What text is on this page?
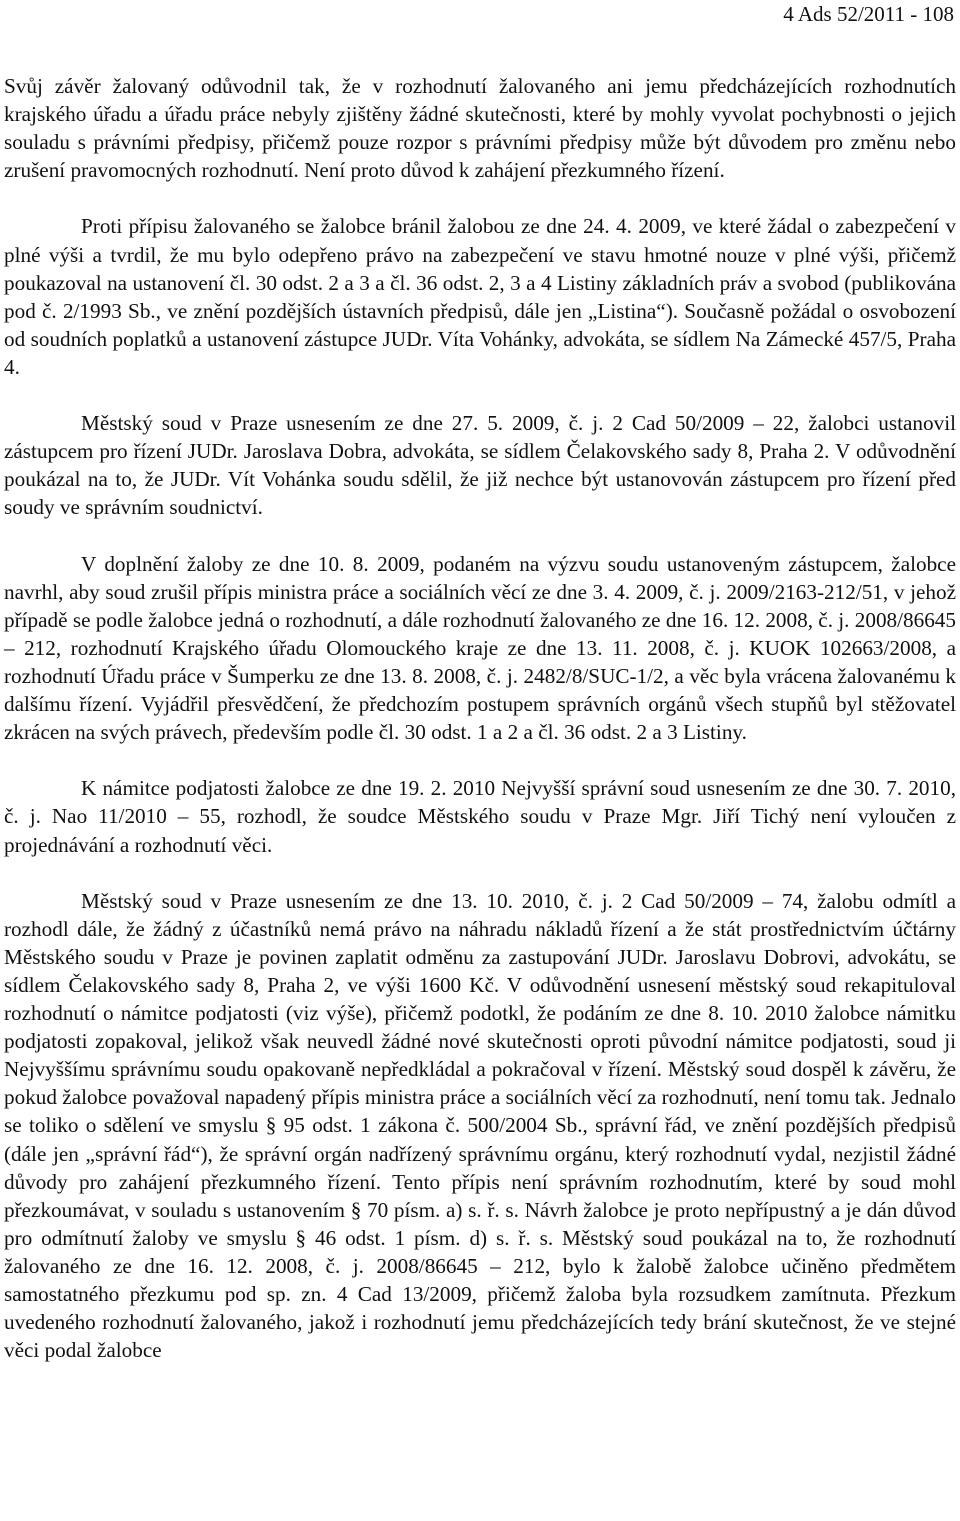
4 Ads 52/2011 - 108

Svůj závěr žalovaný odůvodnil tak, že v rozhodnutí žalovaného ani jemu předcházejících rozhodnutích krajského úřadu a úřadu práce nebyly zjištěny žádné skutečnosti, které by mohly vyvolat pochybnosti o jejich souladu s právními předpisy, přičemž pouze rozpor s právními předpisy může být důvodem pro změnu nebo zrušení pravomocných rozhodnutí. Není proto důvod k zahájení přezkumného řízení.

Proti přípisu žalovaného se žalobce bránil žalobou ze dne 24. 4. 2009, ve které žádal o zabezpečení v plné výši a tvrdil, že mu bylo odepřeno právo na zabezpečení ve stavu hmotné nouze v plné výši, přičemž poukazoval na ustanovení čl. 30 odst. 2 a 3 a čl. 36 odst. 2, 3 a 4 Listiny základních práv a svobod (publikována pod č. 2/1993 Sb., ve znění pozdějších ústavních předpisů, dále jen „Listina“). Současně požádal o osvobození od soudních poplatků a ustanovení zástupce JUDr. Víta Vohánky, advokáta, se sídlem Na Zámecké 457/5, Praha 4.

Městský soud v Praze usnesením ze dne 27. 5. 2009, č. j. 2 Cad 50/2009 – 22, žalobci ustanovil zástupcem pro řízení JUDr. Jaroslava Dobra, advokáta, se sídlem Čelakovského sady 8, Praha 2. V odůvodnění poukázal na to, že JUDr. Vít Vohánka soudu sdělil, že již nechce být ustanovován zástupcem pro řízení před soudy ve správním soudnictví.

V doplnění žaloby ze dne 10. 8. 2009, podaném na výzvu soudu ustanoveným zástupcem, žalobce navrhl, aby soud zrušil přípis ministra práce a sociálních věcí ze dne 3. 4. 2009, č. j. 2009/2163-212/51, v jehož případě se podle žalobce jedná o rozhodnutí, a dále rozhodnutí žalovaného ze dne 16. 12. 2008, č. j. 2008/86645 – 212, rozhodnutí Krajského úřadu Olomouckého kraje ze dne 13. 11. 2008, č. j. KUOK 102663/2008, a rozhodnutí Úřadu práce v Šumperku ze dne 13. 8. 2008, č. j. 2482/8/SUC-1/2, a věc byla vrácena žalovanému k dalšímu řízení. Vyjádřil přesvědčení, že předchozím postupem správních orgánů všech stupňů byl stěžovatel zkrácen na svých právech, především podle čl. 30 odst. 1 a 2 a čl. 36 odst. 2 a 3 Listiny.

K námitce podjatosti žalobce ze dne 19. 2. 2010 Nejvyšší správní soud usnesením ze dne 30. 7. 2010, č. j. Nao 11/2010 – 55, rozhodl, že soudce Městského soudu v Praze Mgr. Jiří Tichý není vyloučen z projednávání a rozhodnutí věci.

Městský soud v Praze usnesením ze dne 13. 10. 2010, č. j. 2 Cad 50/2009 – 74, žalobu odmítl a rozhodl dále, že žádný z účastníků nemá právo na náhradu nákladů řízení a že stát prostřednictvím účtárny Městského soudu v Praze je povinen zaplatit odměnu za zastupování JUDr. Jaroslavu Dobrovi, advokátu, se sídlem Čelakovského sady 8, Praha 2, ve výši 1600 Kč. V odůvodnění usnesení městský soud rekapituloval rozhodnutí o námitce podjatosti (viz výše), přičemž podotkl, že podáním ze dne 8. 10. 2010 žalobce námitku podjatosti zopakoval, jelikož však neuvedl žádné nové skutečnosti oproti původní námitce podjatosti, soud ji Nejvyššímu správnímu soudu opakovaně nepředkládal a pokračoval v řízení. Městský soud dospěl k závěru, že pokud žalobce považoval napadený přípis ministra práce a sociálních věcí za rozhodnutí, není tomu tak. Jednalo se toliko o sdělení ve smyslu § 95 odst. 1 zákona č. 500/2004 Sb., správní řád, ve znění pozdějších předpisů (dále jen „správní řád“), že správní orgán nadřízený správnímu orgánu, který rozhodnutí vydal, nezjistil žádné důvody pro zahájení přezkumného řízení. Tento přípis není správním rozhodnutím, které by soud mohl přezkoumávat, v souladu s ustanovením § 70 písm. a) s. ř. s. Návrh žalobce je proto nepřípustný a je dán důvod pro odmítnutí žaloby ve smyslu § 46 odst. 1 písm. d) s. ř. s. Městský soud poukázal na to, že rozhodnutí žalovaného ze dne 16. 12. 2008, č. j. 2008/86645 – 212, bylo k žalobě žalobce učiněno předmětem samostatného přezkumu pod sp. zn. 4 Cad 13/2009, přičemž žaloba byla rozsudkem zamítnuta. Přezkum uvedeného rozhodnutí žalovaného, jakož i rozhodnutí jemu předcházejících tedy brání skutečnost, že ve stejné věci podal žalobce
